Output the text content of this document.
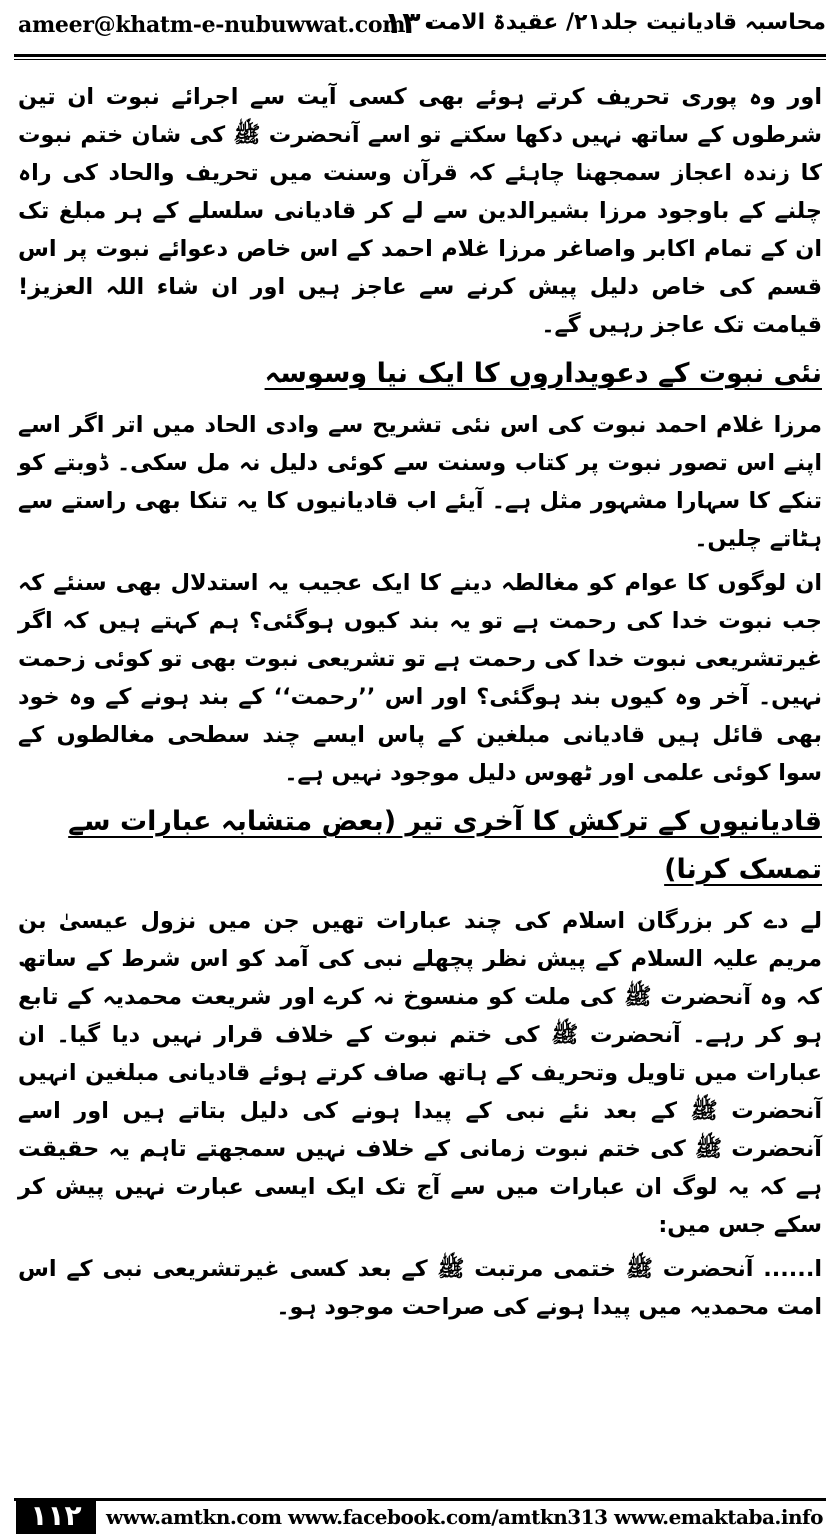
ameer@khatm-e-nubuwwat.com
۱۳۰
محاسبہ قادیانیت جلد۲۱/ عقیدۃ الامت

اور وہ پوری تحریف کرتے ہوئے بھی کسی آیت سے اجرائے نبوت ان تین شرطوں کے ساتھ نہیں دکھا سکتے تو اسے آنحضرت ﷺ کی شان ختم نبوت کا زندہ اعجاز سمجھنا چاہئے کہ قرآن وسنت میں تحریف والحاد کی راہ چلنے کے باوجود مرزا بشیرالدین سے لے کر قادیانی سلسلے کے ہر مبلغ تک ان کے تمام اکابر واصاغر مرزا غلام احمد کے اس خاص دعوائے نبوت پر اس قسم کی خاص دلیل پیش کرنے سے عاجز ہیں اور ان شاء اللہ العزیز! قیامت تک عاجز رہیں گے۔

نئی نبوت کے دعویداروں کا ایک نیا وسوسہ

مرزا غلام احمد نبوت کی اس نئی تشریح سے وادی الحاد میں اتر اگر اسے اپنے اس تصور نبوت پر کتاب وسنت سے کوئی دلیل نہ مل سکی۔ ڈوبتے کو تنکے کا سہارا مشہور مثل ہے۔ آیئے اب قادیانیوں کا یہ تنکا بھی راستے سے ہٹاتے چلیں۔

ان لوگوں کا عوام کو مغالطہ دینے کا ایک عجیب یہ استدلال بھی سنئے کہ جب نبوت خدا کی رحمت ہے تو یہ بند کیوں ہوگئی؟ ہم کہتے ہیں کہ اگر غیرتشریعی نبوت خدا کی رحمت ہے تو تشریعی نبوت بھی تو کوئی زحمت نہیں۔ آخر وہ کیوں بند ہوگئی؟ اور اس ’’رحمت‘‘ کے بند ہونے کے وہ خود بھی قائل ہیں قادیانی مبلغین کے پاس ایسے چند سطحی مغالطوں کے سوا کوئی علمی اور ٹھوس دلیل موجود نہیں ہے۔

قادیانیوں کے ترکش کا آخری تیر (بعض متشابہ عبارات سے تمسک کرنا)

لے دے کر بزرگان اسلام کی چند عبارات تھیں جن میں نزول عیسیٰ بن مریم علیہ السلام کے پیش نظر پچھلے نبی کی آمد کو اس شرط کے ساتھ کہ وہ آنحضرت ﷺ کی ملت کو منسوخ نہ کرے اور شریعت محمدیہ کے تابع ہو کر رہے۔ آنحضرت ﷺ کی ختم نبوت کے خلاف قرار نہیں دیا گیا۔ ان عبارات میں تاویل وتحریف کے ہاتھ صاف کرتے ہوئے قادیانی مبلغین انہیں آنحضرت ﷺ کے بعد نئے نبی کے پیدا ہونے کی دلیل بتاتے ہیں اور اسے آنحضرت ﷺ کی ختم نبوت زمانی کے خلاف نہیں سمجھتے تاہم یہ حقیقت ہے کہ یہ لوگ ان عبارات میں سے آج تک ایک ایسی عبارت نہیں پیش کر سکے جس میں:

ا...... آنحضرت ﷺ ختمی مرتبت ﷺ کے بعد کسی غیرتشریعی نبی کے اس امت محمدیہ میں پیدا ہونے کی صراحت موجود ہو۔

۱۱۲	www.amtkn.com www.facebook.com/amtkn313 www.emaktaba.info
